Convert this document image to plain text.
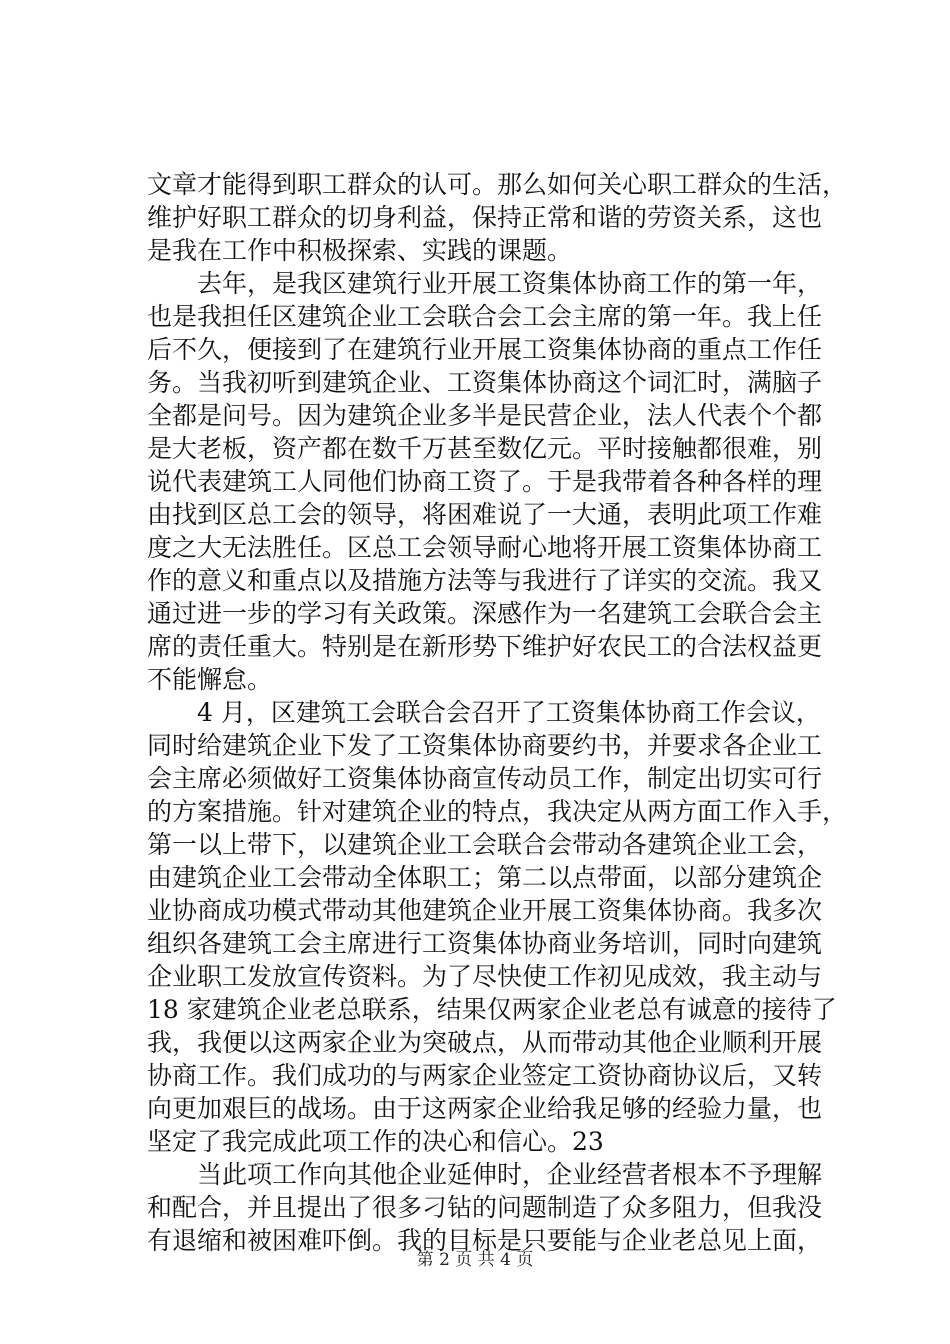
文章才能得到职工群众的认可。那么如何关心职工群众的生活，
维护好职工群众的切身利益，保持正常和谐的劳资关系，这也
是我在工作中积极探索、实践的课题。
去年，是我区建筑行业开展工资集体协商工作的第一年，
也是我担任区建筑企业工会联合会工会主席的第一年。我上任
后不久，便接到了在建筑行业开展工资集体协商的重点工作任
务。当我初听到建筑企业、工资集体协商这个词汇时，满脑子
全都是问号。因为建筑企业多半是民营企业，法人代表个个都
是大老板，资产都在数千万甚至数亿元。平时接触都很难，别
说代表建筑工人同他们协商工资了。于是我带着各种各样的理
由找到区总工会的领导，将困难说了一大通，表明此项工作难
度之大无法胜任。区总工会领导耐心地将开展工资集体协商工
作的意义和重点以及措施方法等与我进行了详实的交流。我又
通过进一步的学习有关政策。深感作为一名建筑工会联合会主
席的责任重大。特别是在新形势下维护好农民工的合法权益更
不能懈怠。
4 月，区建筑工会联合会召开了工资集体协商工作会议，
同时给建筑企业下发了工资集体协商要约书，并要求各企业工
会主席必须做好工资集体协商宣传动员工作，制定出切实可行
的方案措施。针对建筑企业的特点，我决定从两方面工作入手，
第一以上带下，以建筑企业工会联合会带动各建筑企业工会，
由建筑企业工会带动全体职工；第二以点带面，以部分建筑企
业协商成功模式带动其他建筑企业开展工资集体协商。我多次
组织各建筑工会主席进行工资集体协商业务培训，同时向建筑
企业职工发放宣传资料。为了尽快使工作初见成效，我主动与
18 家建筑企业老总联系，结果仅两家企业老总有诚意的接待了
我，我便以这两家企业为突破点，从而带动其他企业顺利开展
协商工作。我们成功的与两家企业签定工资协商协议后，又转
向更加艰巨的战场。由于这两家企业给我足够的经验力量，也
坚定了我完成此项工作的决心和信心。23
当此项工作向其他企业延伸时，企业经营者根本不予理解
和配合，并且提出了很多刁钻的问题制造了众多阻力，但我没
有退缩和被困难吓倒。我的目标是只要能与企业老总见上面，
第 2 页 共 4 页
